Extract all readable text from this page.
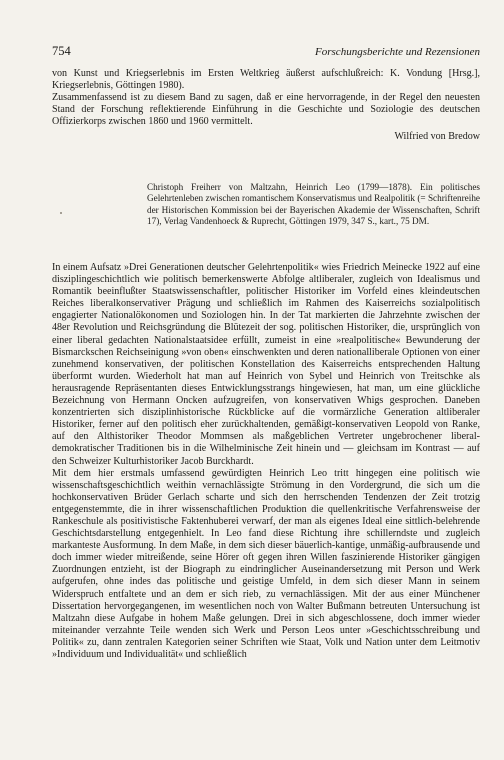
754	Forschungsberichte und Rezensionen

von Kunst und Kriegserlebnis im Ersten Weltkrieg äußerst aufschlußreich: K. Vondung [Hrsg.], Kriegserlebnis, Göttingen 1980).

Zusammenfassend ist zu diesem Band zu sagen, daß er eine hervorragende, in der Regel den neuesten Stand der Forschung reflektierende Einführung in die Geschichte und Soziologie des deutschen Offizierkorps zwischen 1860 und 1960 vermittelt.

Wilfried von Bredow

Christoph Freiherr von Maltzahn, Heinrich Leo (1799—1878). Ein politisches Gelehrtenleben zwischen romantischem Konservatismus und Realpolitik (= Schriftenreihe der Historischen Kommission bei der Bayerischen Akademie der Wissenschaften, Schrift 17), Verlag Vandenhoeck & Ruprecht, Göttingen 1979, 347 S., kart., 75 DM.

In einem Aufsatz »Drei Generationen deutscher Gelehrtenpolitik« wies Friedrich Meinecke 1922 auf eine disziplingeschichtlich wie politisch bemerkenswerte Abfolge altliberaler, zugleich von Idealismus und Romantik beeinflußter Staatswissenschaftler, politischer Historiker im Vorfeld eines kleindeutschen Reiches liberalkonservativer Prägung und schließlich im Rahmen des Kaiserreichs sozialpolitisch engagierter Nationalökonomen und Soziologen hin. In der Tat markierten die Jahrzehnte zwischen der 48er Revolution und Reichsgründung die Blütezeit der sog. politischen Historiker, die, ursprünglich von einer liberal gedachten Nationalstaatsidee erfüllt, zumeist in eine »realpolitische« Bewunderung der Bismarckschen Reichseinigung »von oben« einschwenkten und deren nationalliberale Optionen von einer zunehmend konservativen, der politischen Konstellation des Kaiserreichs entsprechenden Haltung überformt wurden. Wiederholt hat man auf Heinrich von Sybel und Heinrich von Treitschke als herausragende Repräsentanten dieses Entwicklungsstrangs hingewiesen, hat man, um eine glückliche Bezeichnung von Hermann Oncken aufzugreifen, von konservativen Whigs gesprochen. Daneben konzentrierten sich disziplinhistorische Rückblicke auf die vormärzliche Generation altliberaler Historiker, ferner auf den politisch eher zurückhaltenden, gemäßigt-konservativen Leopold von Ranke, auf den Althistoriker Theodor Mommsen als maßgeblichen Vertreter ungebrochener liberal-demokratischer Traditionen bis in die Wilhelminische Zeit hinein und — gleichsam im Kontrast — auf den Schweizer Kulturhistoriker Jacob Burckhardt.

Mit dem hier erstmals umfassend gewürdigten Heinrich Leo tritt hingegen eine politisch wie wissenschaftsgeschichtlich weithin vernachlässigte Strömung in den Vordergrund, die sich um die hochkonservativen Brüder Gerlach scharte und sich den herrschenden Tendenzen der Zeit trotzig entgegenstemmte, die in ihrer wissenschaftlichen Produktion die quellenkritische Verfahrensweise der Rankeschule als positivistische Faktenhuberei verwarf, der man als eigenes Ideal eine sittlich-belehrende Geschichtsdarstellung entgegenhielt. In Leo fand diese Richtung ihre schillerndste und zugleich markanteste Ausformung. In dem Maße, in dem sich dieser bäuerlich-kantige, unmäßig-aufbrausende und doch immer wieder mitreißende, seine Hörer oft gegen ihren Willen faszinierende Historiker gängigen Zuordnungen entzieht, ist der Biograph zu eindringlicher Auseinandersetzung mit Person und Werk aufgerufen, ohne indes das politische und geistige Umfeld, in dem sich dieser Mann in seinem Widerspruch entfaltete und an dem er sich rieb, zu vernachlässigen. Mit der aus einer Münchener Dissertation hervorgegangenen, im wesentlichen noch von Walter Bußmann betreuten Untersuchung ist Maltzahn diese Aufgabe in hohem Maße gelungen. Drei in sich abgeschlossene, doch immer wieder miteinander verzahnte Teile wenden sich Werk und Person Leos unter »Geschichtsschreibung und Politik« zu, dann zentralen Kategorien seiner Schriften wie Staat, Volk und Nation unter dem Leitmotiv »Individuum und Individualität« und schließlich
